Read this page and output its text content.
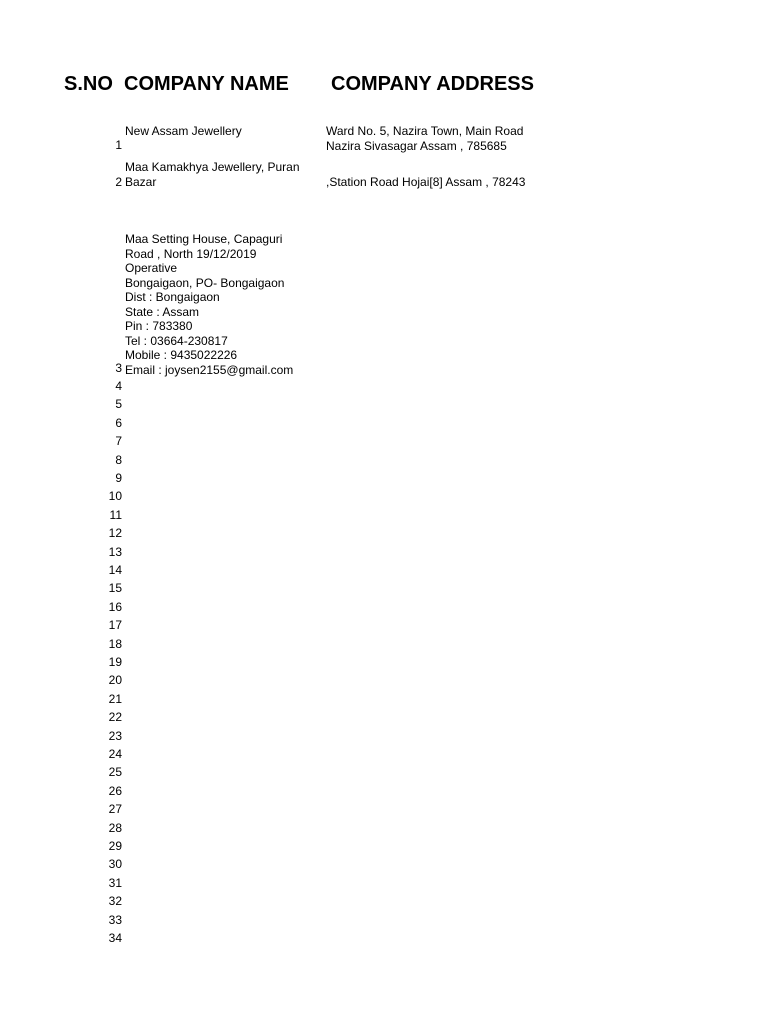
S.NO COMPANY NAME COMPANY ADDRESS
New Assam Jewellery	Ward No. 5, Nazira Town, Main Road
Nazira Sivasagar Assam , 785685
1
Maa Kamakhya Jewellery, Puran
Bazar	,Station Road Hojai[8] Assam , 78243
2
Maa Setting House, Capaguri
Road , North 19/12/2019
Operative
Bongaigaon, PO- Bongaigaon
Dist : Bongaigaon
State : Assam
Pin : 783380
Tel : 03664-230817
Mobile : 9435022226
Email : joysen2155@gmail.com
3
4
5
6
7
8
9
10
11
12
13
14
15
16
17
18
19
20
21
22
23
24
25
26
27
28
29
30
31
32
33
34
